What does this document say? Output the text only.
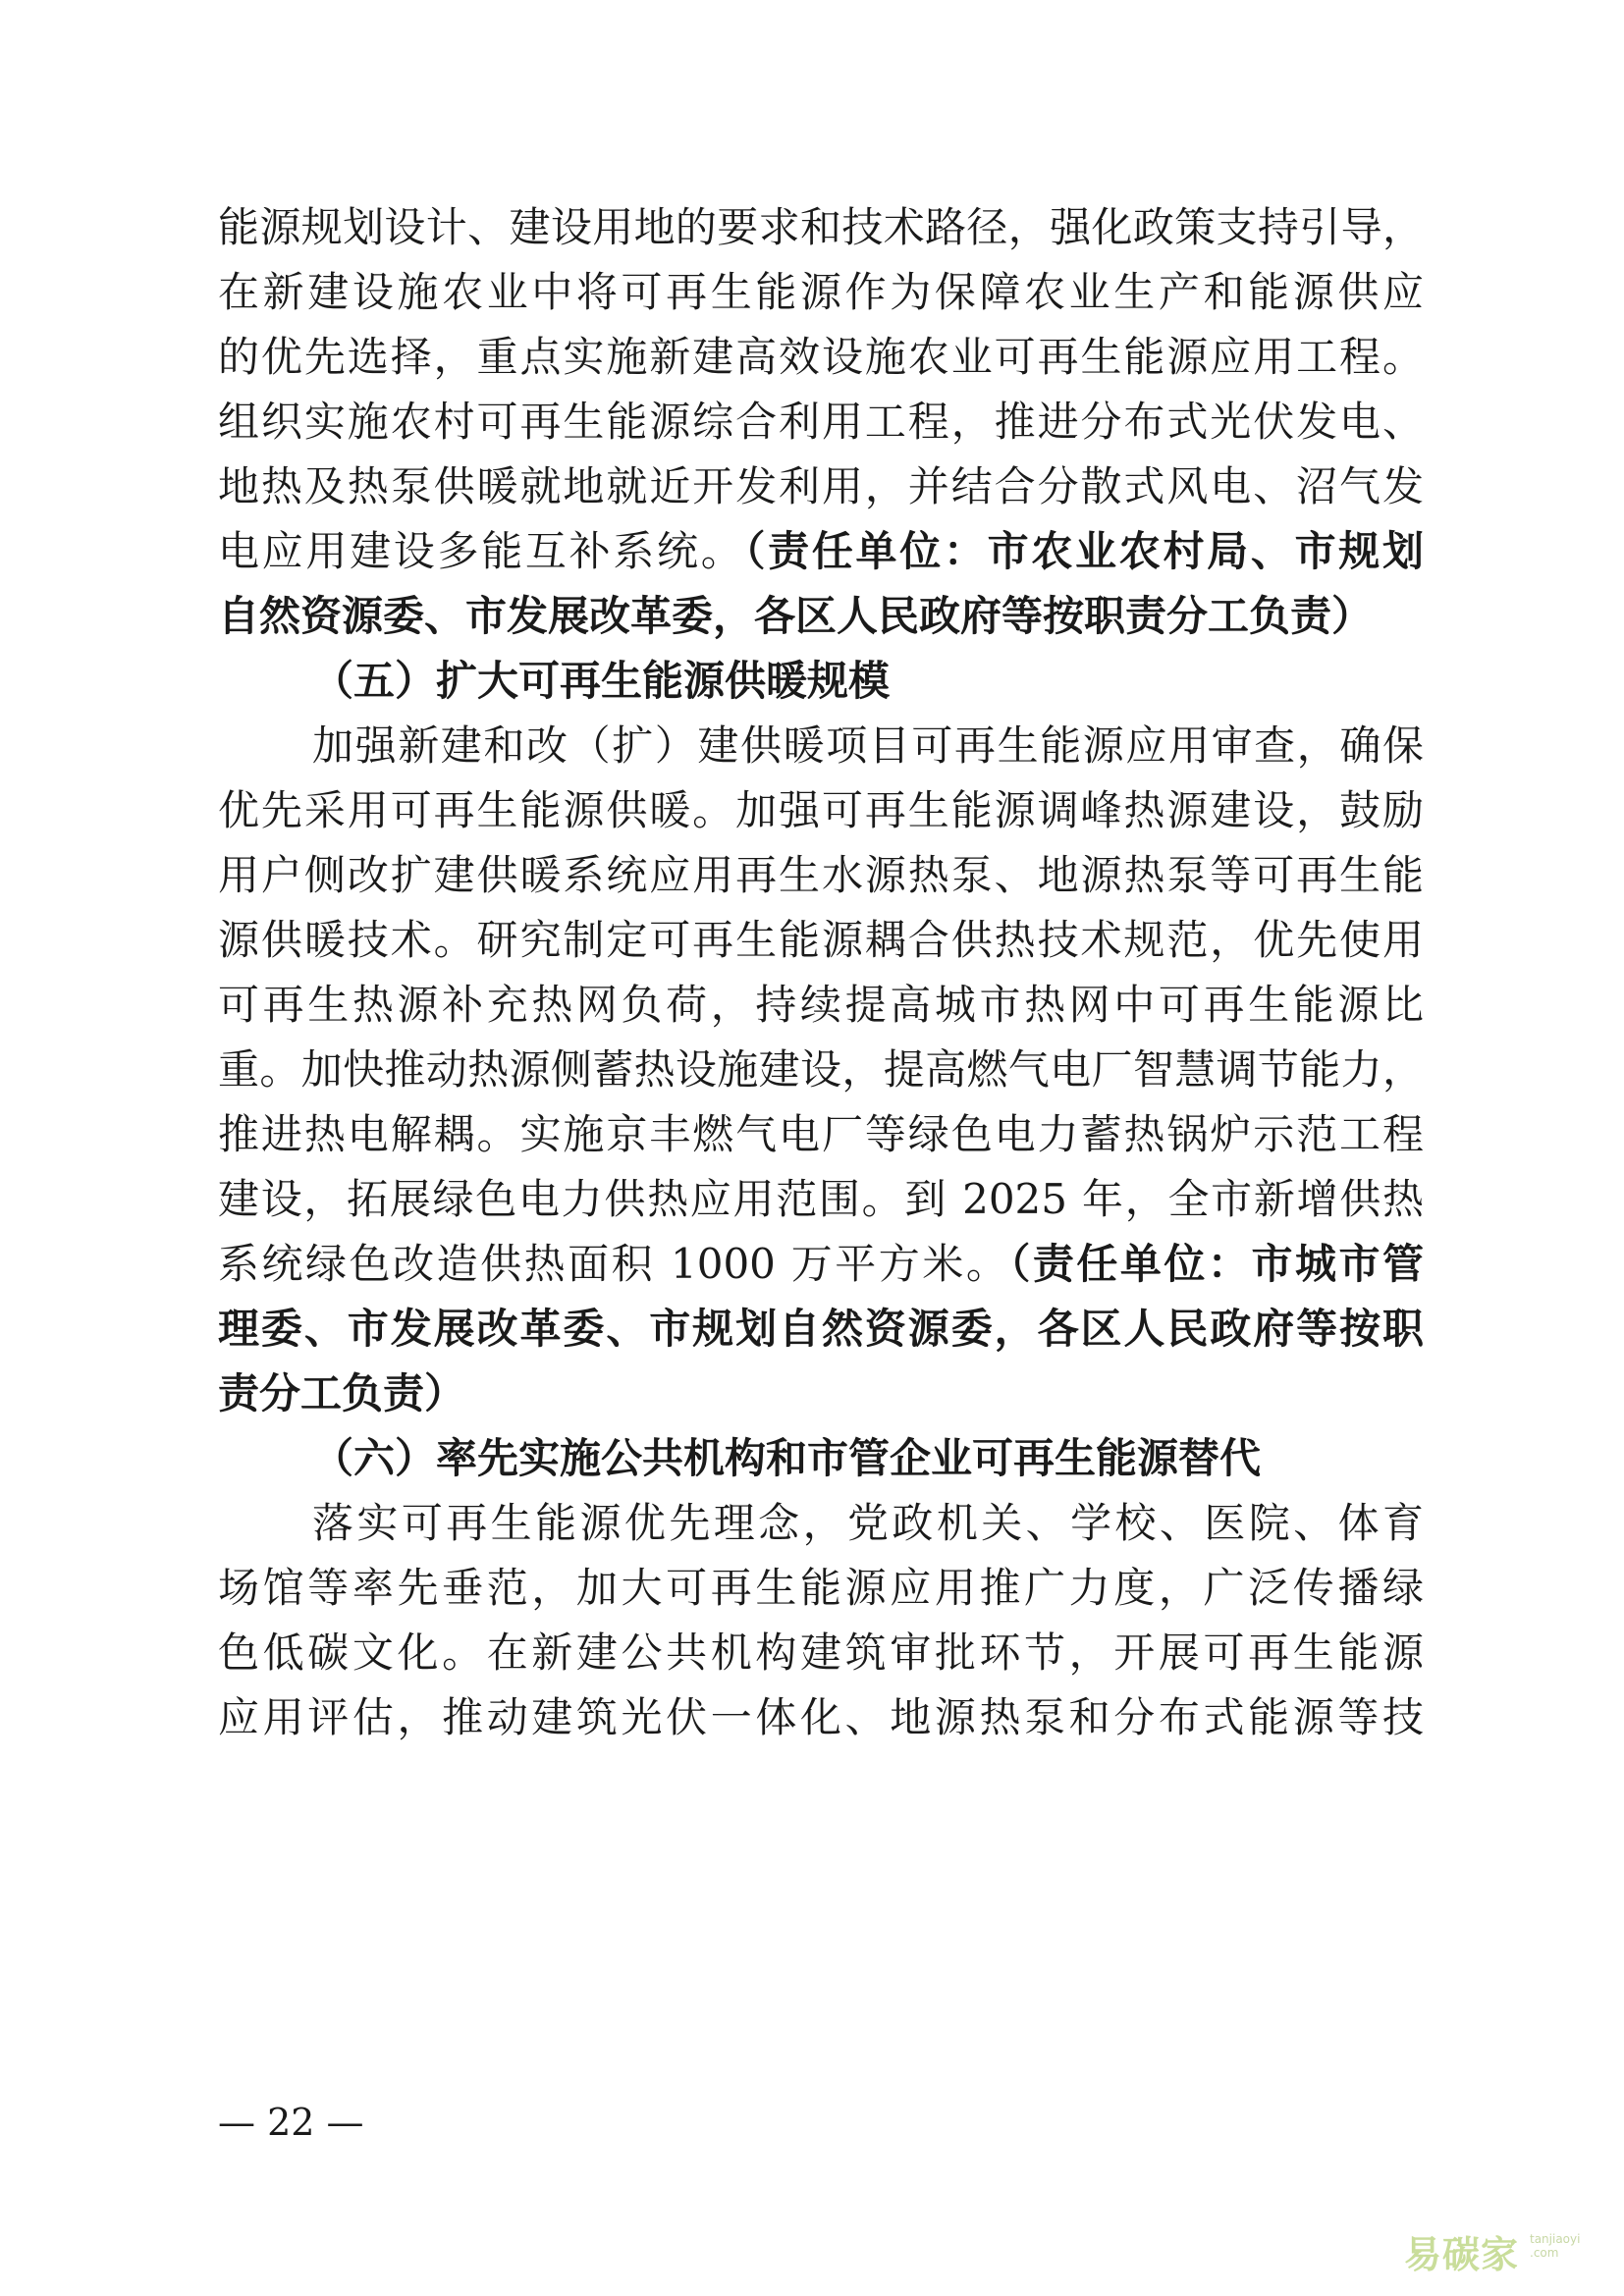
能源规划设计、建设用地的要求和技术路径，强化政策支持引导，
在新建设施农业中将可再生能源作为保障农业生产和能源供应
的优先选择，重点实施新建高效设施农业可再生能源应用工程。
组织实施农村可再生能源综合利用工程，推进分布式光伏发电、
地热及热泵供暖就地就近开发利用，并结合分散式风电、沼气发
电应用建设多能互补系统。（责任单位：市农业农村局、市规划
自然资源委、市发展改革委，各区人民政府等按职责分工负责）
（五）扩大可再生能源供暖规模
加强新建和改（扩）建供暖项目可再生能源应用审查，确保
优先采用可再生能源供暖。加强可再生能源调峰热源建设，鼓励
用户侧改扩建供暖系统应用再生水源热泵、地源热泵等可再生能
源供暖技术。研究制定可再生能源耦合供热技术规范，优先使用
可再生热源补充热网负荷，持续提高城市热网中可再生能源比
重。加快推动热源侧蓄热设施建设，提高燃气电厂智慧调节能力，
推进热电解耦。实施京丰燃气电厂等绿色电力蓄热锅炉示范工程
建设，拓展绿色电力供热应用范围。到 2025 年，全市新增供热
系统绿色改造供热面积 1000 万平方米。（责任单位：市城市管
理委、市发展改革委、市规划自然资源委，各区人民政府等按职
责分工负责）
（六）率先实施公共机构和市管企业可再生能源替代
落实可再生能源优先理念，党政机关、学校、医院、体育
场馆等率先垂范，加大可再生能源应用推广力度，广泛传播绿
色低碳文化。在新建公共机构建筑审批环节，开展可再生能源
应用评估，推动建筑光伏一体化、地源热泵和分布式能源等技
— 22 —
易碳家 tanjiaoyi
.com
